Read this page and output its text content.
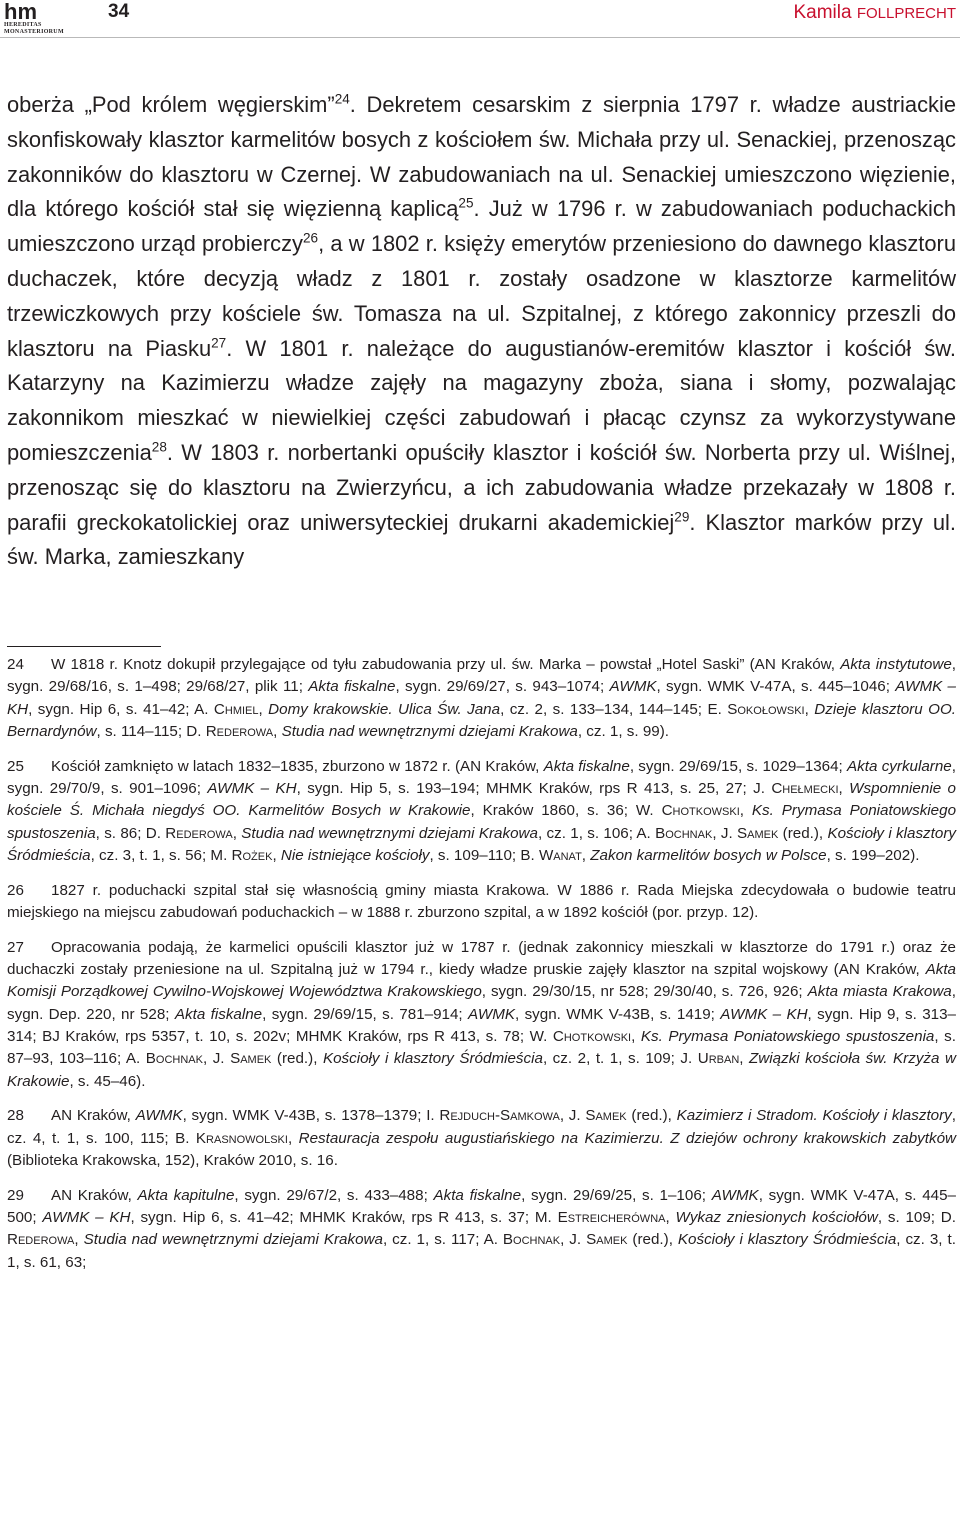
hm
HEREDITAS
MONASTERIORUM
34	Kamila FOLLPRECHT
oberża „Pod królem węgierskim”$^{24}$. Dekretem cesarskim z sierpnia 1797 r. władze austriackie skonfiskowały klasztor karmelitów bosych z kościołem św. Michała przy ul. Senackiej, przenosząc zakonników do klasztoru w Czernej. W zabudowaniach na ul. Senackiej umieszczono więzienie, dla którego kościół stał się więzienną kaplicą$^{25}$. Już w 1796 r. w zabudowaniach poduchackich umieszczono urząd probierczy$^{26}$, a w 1802 r. księży emerytów przeniesiono do dawnego klasztoru duchaczek, które decyzją władz z 1801 r. zostały osadzone w klasztorze karmelitów trzewiczkowych przy kościele św. Tomasza na ul. Szpitalnej, z którego zakonnicy przeszli do klasztoru na Piasku$^{27}$. W 1801 r. należące do augustianów-eremitów klasztor i kościół św. Katarzyny na Kazimierzu władze zajęły na magazyny zboża, siana i słomy, pozwalając zakonnikom mieszkać w niewielkiej części zabudowań i płacąc czynsz za wykorzystywane pomieszczenia$^{28}$. W 1803 r. norbertanki opuściły klasztor i kościół św. Norberta przy ul. Wiślnej, przenosząc się do klasztoru na Zwierzyńcu, a ich zabudowania władze przekazały w 1808 r. parafii greckokatolickiej oraz uniwersyteckiej drukarni akademickiej$^{29}$. Klasztor marków przy ul. św. Marka, zamieszkany
24 W 1818 r. Knotz dokupił przylegające od tyłu zabudowania przy ul. św. Marka – powstał „Hotel Saski” (AN Kraków, Akta instytutowe, sygn. 29/68/16, s. 1–498; 29/68/27, plik 11; Akta fiskalne, sygn. 29/69/27, s. 943–1074; AWMK, sygn. WMK V-47A, s. 445–1046; AWMK – KH, sygn. Hip 6, s. 41–42; A. Chmiel, Domy krakowskie. Ulica Św. Jana, cz. 2, s. 133–134, 144–145; E. Sokołowski, Dzieje klasztoru OO. Bernardynów, s. 114–115; D. Rederowa, Studia nad wewnętrznymi dziejami Krakowa, cz. 1, s. 99).
25 Kościół zamknięto w latach 1832–1835, zburzono w 1872 r. (AN Kraków, Akta fiskalne, sygn. 29/69/15, s. 1029–1364; Akta cyrkularne, sygn. 29/70/9, s. 901–1096; AWMK – KH, sygn. Hip 5, s. 193–194; MHMK Kraków, rps R 413, s. 25, 27; J. Chełmecki, Wspomnienie o kościele Ś. Michała niegdyś OO. Karmelitów Bosych w Krakowie, Kraków 1860, s. 36; W. Chotkowski, Ks. Prymasa Poniatowskiego spustoszenia, s. 86; D. Rederowa, Studia nad wewnętrznymi dziejami Krakowa, cz. 1, s. 106; A. Bochnak, J. Samek (red.), Kościoły i klasztory Śródmieścia, cz. 3, t. 1, s. 56; M. Rożek, Nie istniejące kościoły, s. 109–110; B. Wanat, Zakon karmelitów bosych w Polsce, s. 199–202).
26 1827 r. poduchacki szpital stał się własnością gminy miasta Krakowa. W 1886 r. Rada Miejska zdecydowała o budowie teatru miejskiego na miejscu zabudowań poduchackich – w 1888 r. zburzono szpital, a w 1892 kościół (por. przyp. 12).
27 Opracowania podają, że karmelici opuścili klasztor już w 1787 r. (jednak zakonnicy mieszkali w klasztorze do 1791 r.) oraz że duchaczki zostały przeniesione na ul. Szpitalną już w 1794 r., kiedy władze pruskie zajęły klasztor na szpital wojskowy (AN Kraków, Akta Komisji Porządkowej Cywilno-Wojskowej Województwa Krakowskiego, sygn. 29/30/15, nr 528; 29/30/40, s. 726, 926; Akta miasta Krakowa, sygn. Dep. 220, nr 528; Akta fiskalne, sygn. 29/69/15, s. 781–914; AWMK, sygn. WMK V-43B, s. 1419; AWMK – KH, sygn. Hip 9, s. 313–314; BJ Kraków, rps 5357, t. 10, s. 202v; MHMK Kraków, rps R 413, s. 78; W. Chotkowski, Ks. Prymasa Poniatowskiego spustoszenia, s. 87–93, 103–116; A. Bochnak, J. Samek (red.), Kościoły i klasztory Śródmieścia, cz. 2, t. 1, s. 109; J. Urban, Związki kościoła św. Krzyża w Krakowie, s. 45–46).
28 AN Kraków, AWMK, sygn. WMK V-43B, s. 1378–1379; I. Rejduch-Samkowa, J. Samek (red.), Kazimierz i Stradom. Kościoły i klasztory, cz. 4, t. 1, s. 100, 115; B. Krasnowolski, Restauracja zespołu augustiańskiego na Kazimierzu. Z dziejów ochrony krakowskich zabytków (Biblioteka Krakowska, 152), Kraków 2010, s. 16.
29 AN Kraków, Akta kapitulne, sygn. 29/67/2, s. 433–488; Akta fiskalne, sygn. 29/69/25, s. 1–106; AWMK, sygn. WMK V-47A, s. 445–500; AWMK – KH, sygn. Hip 6, s. 41–42; MHMK Kraków, rps R 413, s. 37; M. Estreicherówna, Wykaz zniesionych kościołów, s. 109; D. Rederowa, Studia nad wewnętrznymi dziejami Krakowa, cz. 1, s. 117; A. Bochnak, J. Samek (red.), Kościoły i klasztory Śródmieścia, cz. 3, t. 1, s. 61, 63;
